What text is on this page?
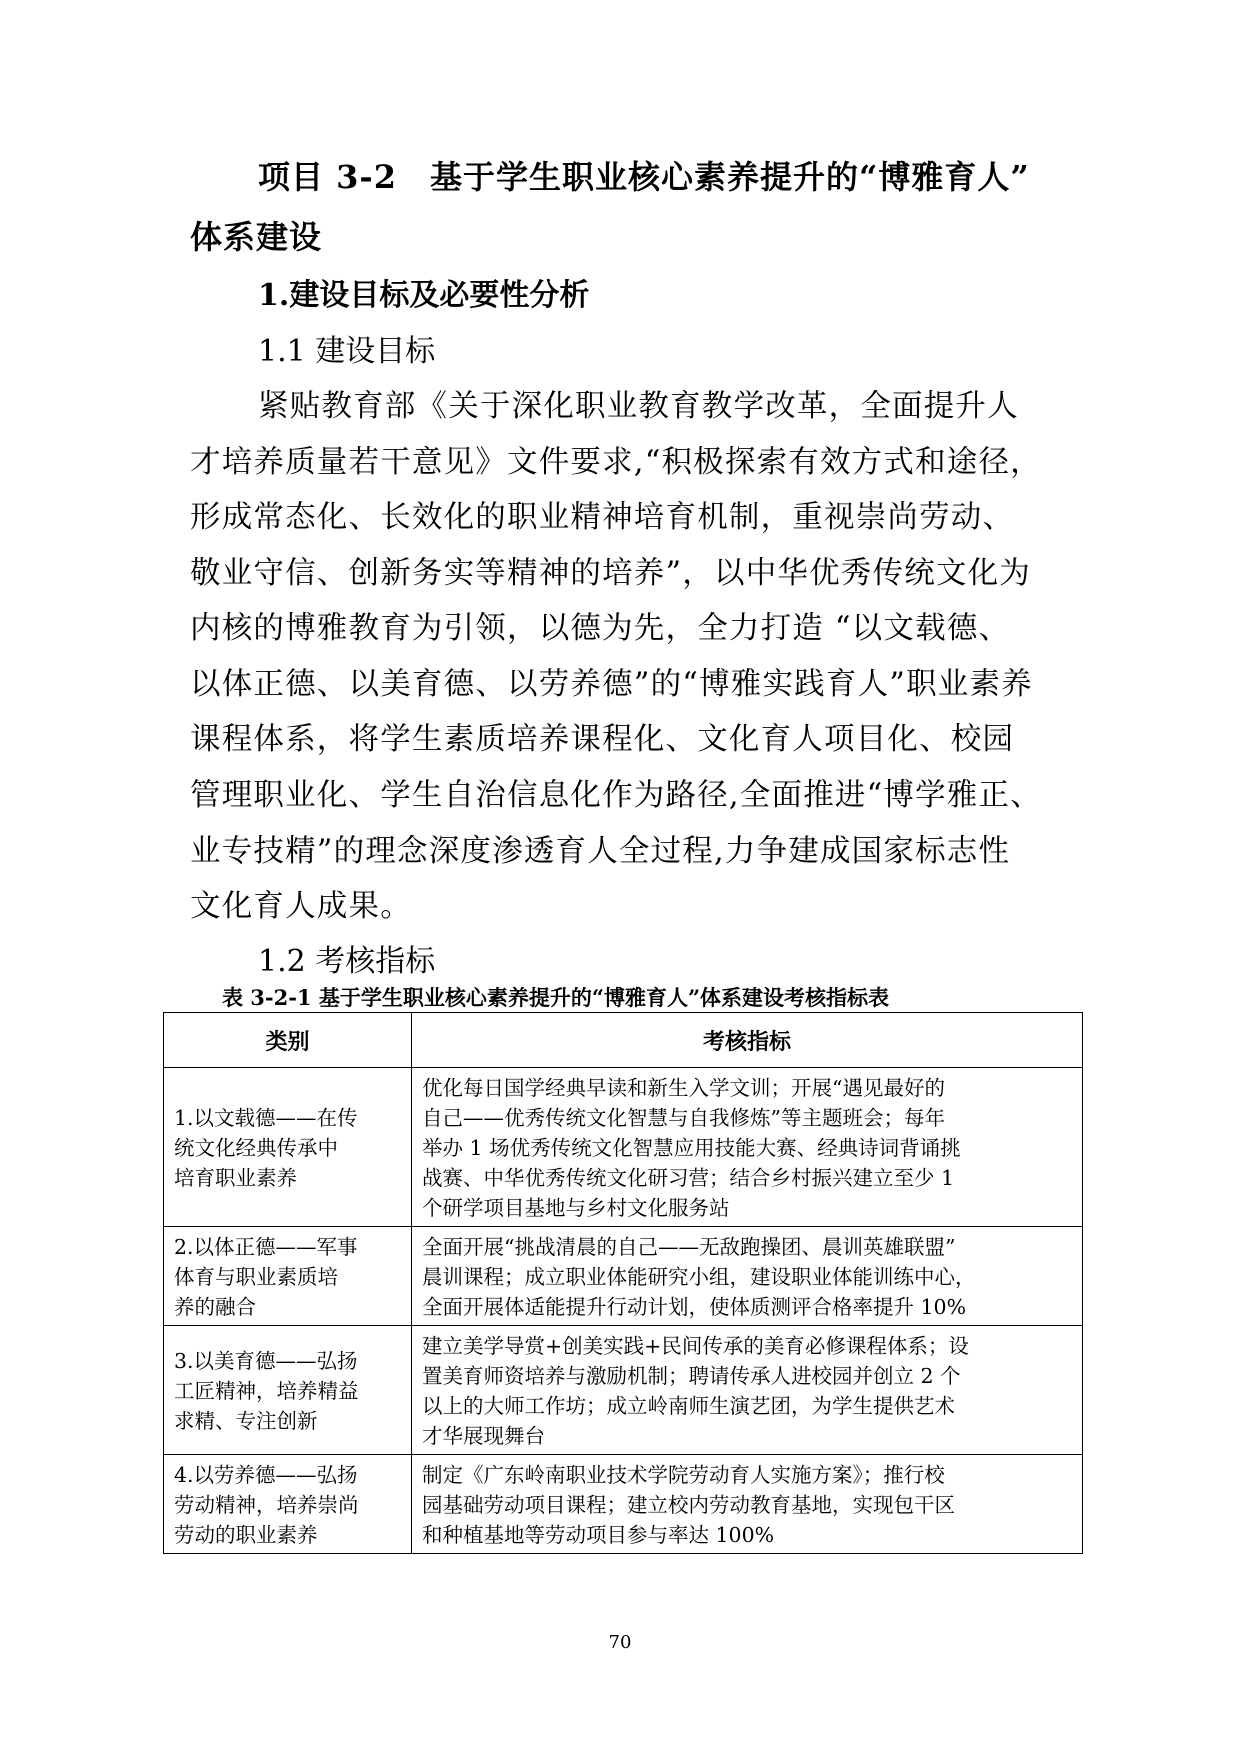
项目 3-2　基于学生职业核心素养提升的“博雅育人”
体系建设
1.建设目标及必要性分析
1.1 建设目标
紧贴教育部《关于深化职业教育教学改革，全面提升人
才培养质量若干意见》文件要求,“积极探索有效方式和途径，
形成常态化、长效化的职业精神培育机制，重视崇尚劳动、
敬业守信、创新务实等精神的培养”，以中华优秀传统文化为
内核的博雅教育为引领，以德为先，全力打造 “以文载德、
以体正德、以美育德、以劳养德”的“博雅实践育人”职业素养
课程体系，将学生素质培养课程化、文化育人项目化、校园
管理职业化、学生自治信息化作为路径,全面推进“博学雅正、
业专技精”的理念深度渗透育人全过程,力争建成国家标志性
文化育人成果。
1.2 考核指标
表 3-2-1 基于学生职业核心素养提升的“博雅育人”体系建设考核指标表
类别	考核指标

1.以文载德——在传
统文化经典传承中
培育职业素养	优化每日国学经典早读和新生入学文训；开展“遇见最好的
自己——优秀传统文化智慧与自我修炼”等主题班会；每年
举办 1 场优秀传统文化智慧应用技能大赛、经典诗词背诵挑
战赛、中华优秀传统文化研习营；结合乡村振兴建立至少 1
个研学项目基地与乡村文化服务站

2.以体正德——军事
体育与职业素质培
养的融合	全面开展“挑战清晨的自己——无敌跑操团、晨训英雄联盟”
晨训课程；成立职业体能研究小组，建设职业体能训练中心，
全面开展体适能提升行动计划，使体质测评合格率提升 10%

3.以美育德——弘扬
工匠精神，培养精益
求精、专注创新	建立美学导赏+创美实践+民间传承的美育必修课程体系；设
置美育师资培养与激励机制；聘请传承人进校园并创立 2 个
以上的大师工作坊；成立岭南师生演艺团，为学生提供艺术
才华展现舞台

4.以劳养德——弘扬
劳动精神，培养崇尚
劳动的职业素养	制定《广东岭南职业技术学院劳动育人实施方案》；推行校
园基础劳动项目课程；建立校内劳动教育基地，实现包干区
和种植基地等劳动项目参与率达 100%
70
